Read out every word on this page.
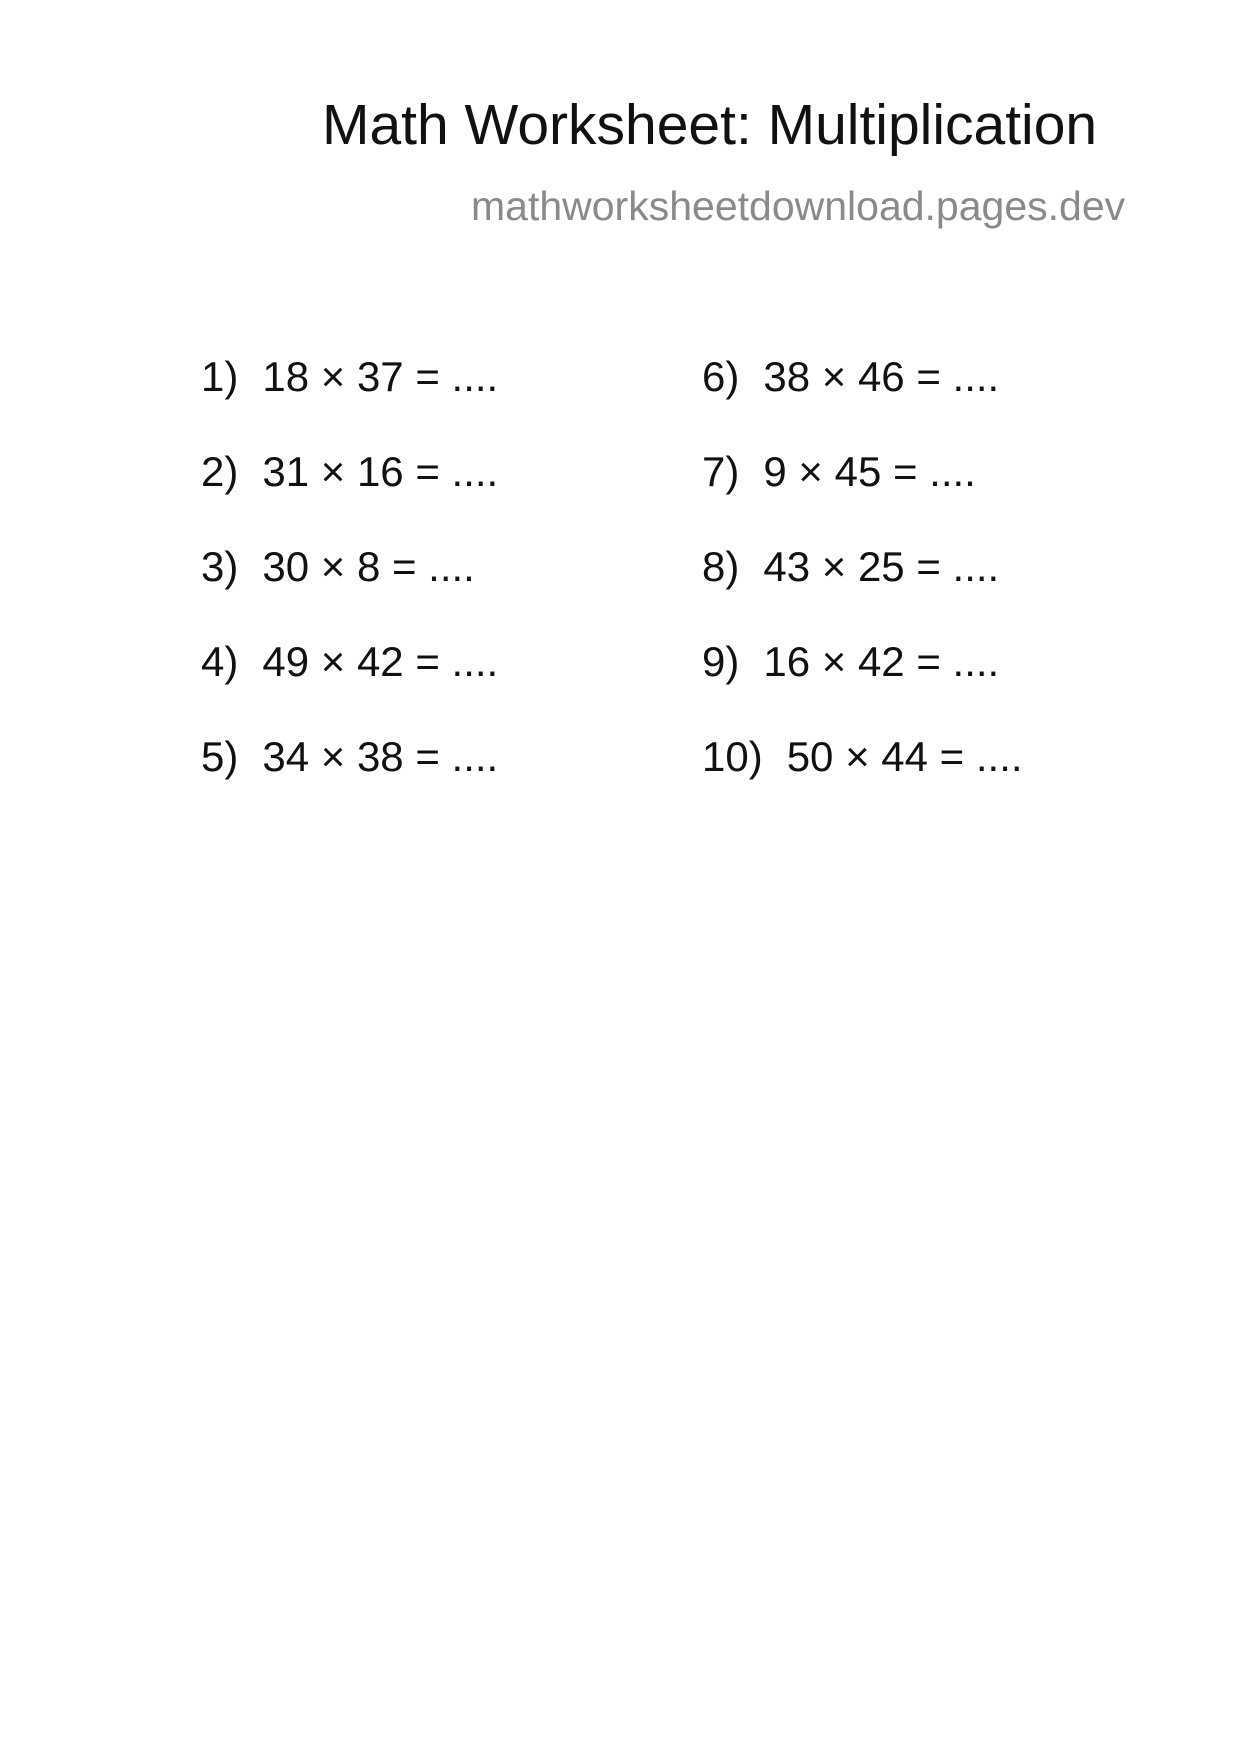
Math Worksheet: Multiplication
mathworksheetdownload.pages.dev
1) 18 × 37 = ....
2) 31 × 16 = ....
3) 30 × 8 = ....
4) 49 × 42 = ....
5) 34 × 38 = ....
6) 38 × 46 = ....
7) 9 × 45 = ....
8) 43 × 25 = ....
9) 16 × 42 = ....
10) 50 × 44 = ....
